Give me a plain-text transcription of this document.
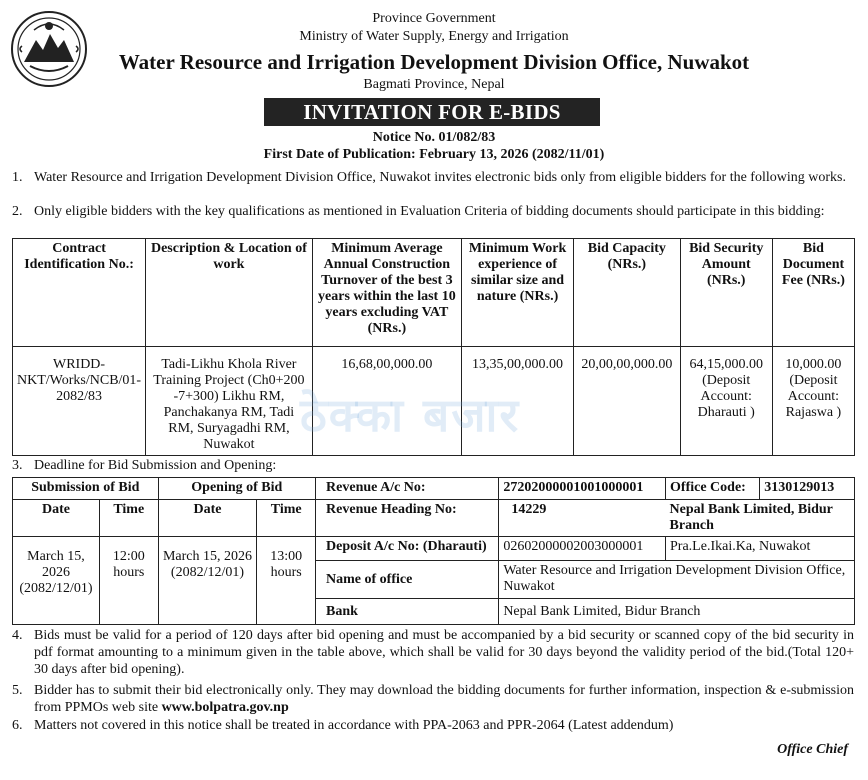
Province Government
Ministry of Water Supply, Energy and Irrigation
Water Resource and Irrigation Development Division Office, Nuwakot
Bagmati Province, Nepal
INVITATION FOR E-BIDS
Notice No. 01/082/83
First Date of Publication: February 13, 2026 (2082/11/01)
1. Water Resource and Irrigation Development Division Office, Nuwakot invites electronic bids only from eligible bidders for the following works.
2. Only eligible bidders with the key qualifications as mentioned in Evaluation Criteria of bidding documents should participate in this bidding:
Contract Identification No.:	Description & Location of work	Minimum Average Annual Construction Turnover of the best 3 years within the last 10 years excluding VAT (NRs.)	Minimum Work experience of similar size and nature (NRs.)	Bid Capacity (NRs.)	Bid Security Amount (NRs.)	Bid Document Fee (NRs.)
WRIDD-NKT/Works/NCB/01-2082/83	Tadi-Likhu Khola River Training Project (Ch0+200 -7+300) Likhu RM, Panchakanya RM, Tadi RM, Suryagadhi RM, Nuwakot	16,68,00,000.00	13,35,00,000.00	20,00,00,000.00	64,15,000.00 (Deposit Account: Dharauti )	10,000.00 (Deposit Account: Rajaswa )
ठेक्का बजार
3. Deadline for Bid Submission and Opening:
Submission of Bid		Opening of Bid		Revenue A/c No:	27202000001001000001	Office Code:	3130129013
Date	Time	Date	Time	Revenue Heading No:	14229	Nepal Bank Limited, Bidur Branch	
March 15, 2026 (2082/12/01)	12:00 hours	March 15, 2026 (2082/12/01)	13:00 hours	Deposit A/c No: (Dharauti)	02602000002003000001	Pra.Le.Ikai.Ka, Nuwakot	
				Name of office	Water Resource and Irrigation Development Division Office, Nuwakot		
				Bank	Nepal Bank Limited, Bidur Branch		
4. Bids must be valid for a period of 120 days after bid opening and must be accompanied by a bid security or scanned copy of the bid security in pdf format amounting to a minimum given in the table above, which shall be valid for 30 days beyond the validity period of the bid.(Total 120+ 30 days after bid opening).
5. Bidder has to submit their bid electronically only. They may download the bidding documents for further information, inspection & e-submission from PPMOs web site www.bolpatra.gov.np
6. Matters not covered in this notice shall be treated in accordance with PPA-2063 and PPR-2064 (Latest addendum)
Office Chief
